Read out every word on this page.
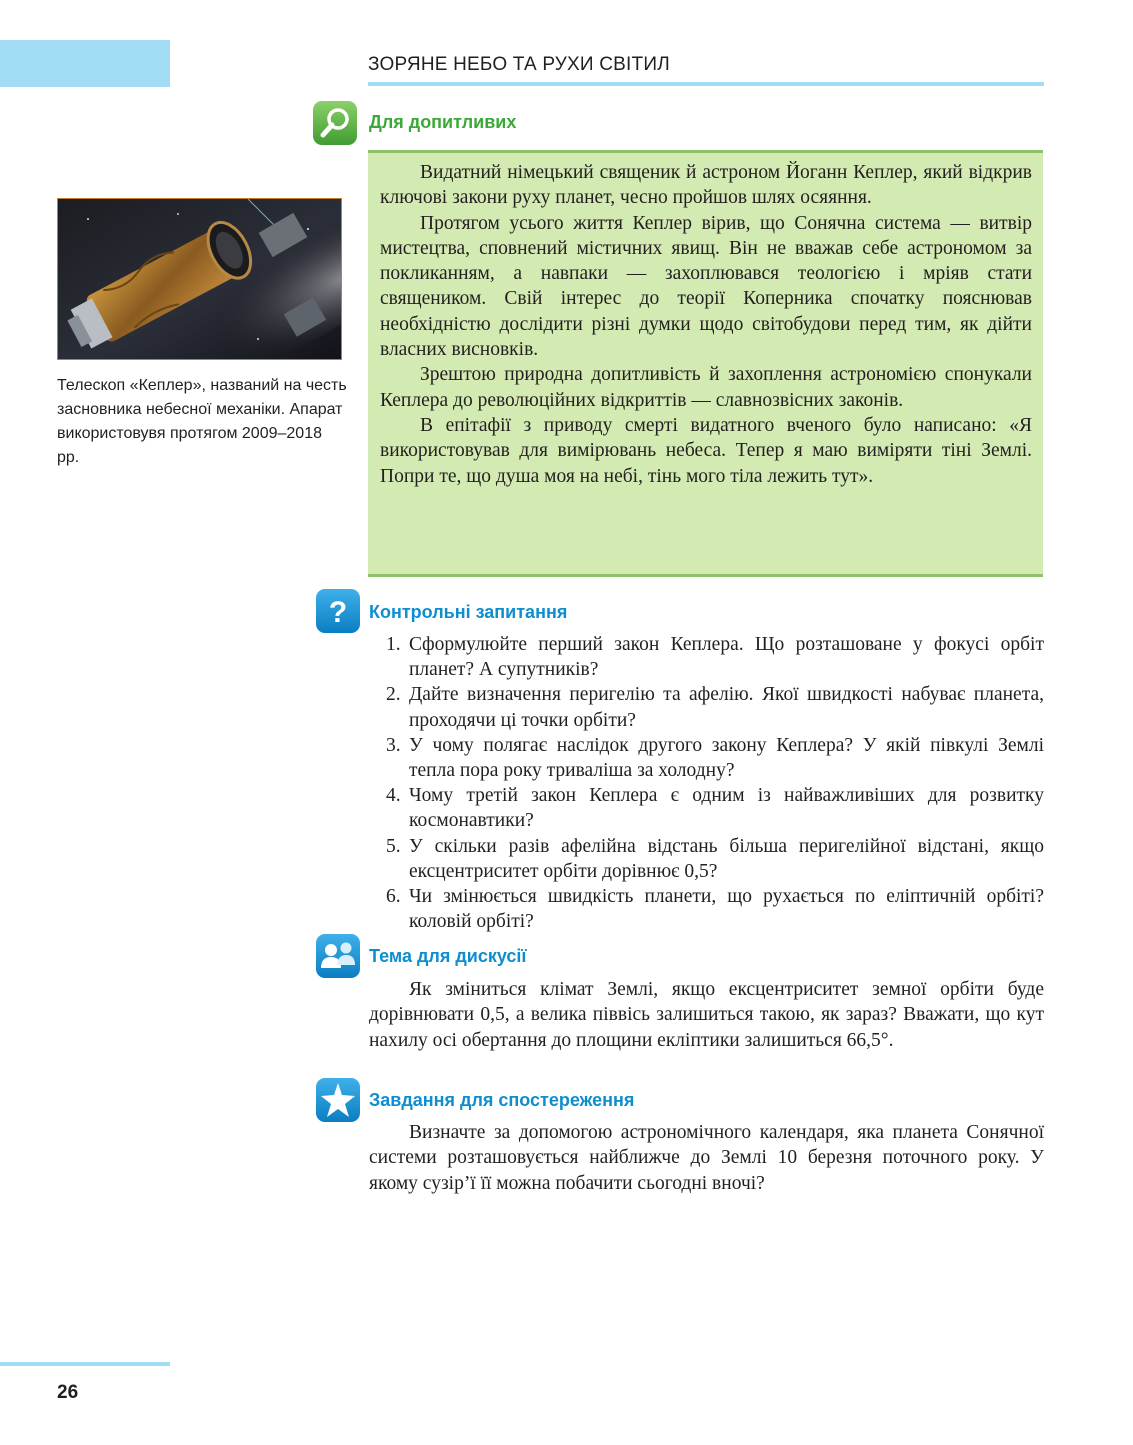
ЗОРЯНЕ НЕБО ТА РУХИ СВІТИЛ
Телескоп «Кеплер», названий на честь засновника небесної механіки. Апарат використовувя протягом 2009–2018 рр.
Для допитливих

Видатний німецький священик й астроном Йоганн Кеплер, який відкрив ключові закони руху планет, чесно пройшов шлях осяяння.

Протягом усього життя Кеплер вірив, що Сонячна система — витвір мистецтва, сповнений містичних явищ. Він не вважав себе астрономом за покликанням, а навпаки — захоплювався теологією і мріяв стати священиком. Свій інтерес до теорії Коперника спочатку пояснював необхідністю дослідити різні думки щодо світобудови перед тим, як дійти власних висновків.

Зрештою природна допитливість й захоплення астрономією спонукали Кеплера до революційних відкриттів — славнозвісних законів.

В епітафії з приводу смерті видатного вченого було написано: «Я використовував для вимірювань небеса. Тепер я маю виміряти тіні Землі. Попри те, що душа моя на небі, тінь мого тіла лежить тут».

? Контрольні запитання
1. Сформулюйте перший закон Кеплера. Що розташоване у фокусі орбіт планет? А супутників?
2. Дайте визначення перигелію та афелію. Якої швидкості набуває планета, проходячи ці точки орбіти?
3. У чому полягає наслідок другого закону Кеплера? У якій півкулі Землі тепла пора року триваліша за холодну?
4. Чому третій закон Кеплера є одним із найважливіших для розвитку космонавтики?
5. У скільки разів афелійна відстань більша перигелійної відстані, якщо ексцентриситет орбіти дорівнює 0,5?
6. Чи змінюється швидкість планети, що рухається по еліптичній орбіті? коловій орбіті?
Тема для дискусії

Як зміниться клімат Землі, якщо ексцентриситет земної орбіти буде дорівнювати 0,5, а велика піввісь залишиться такою, як зараз? Вважати, що кут нахилу осі обертання до площини екліптики залишиться 66,5°.

Завдання для спостереження

Визначте за допомогою астрономічного календаря, яка планета Сонячної системи розташовується найближче до Землі 10 березня поточного року. У якому сузір’ї її можна побачити сьогодні вночі?

26
